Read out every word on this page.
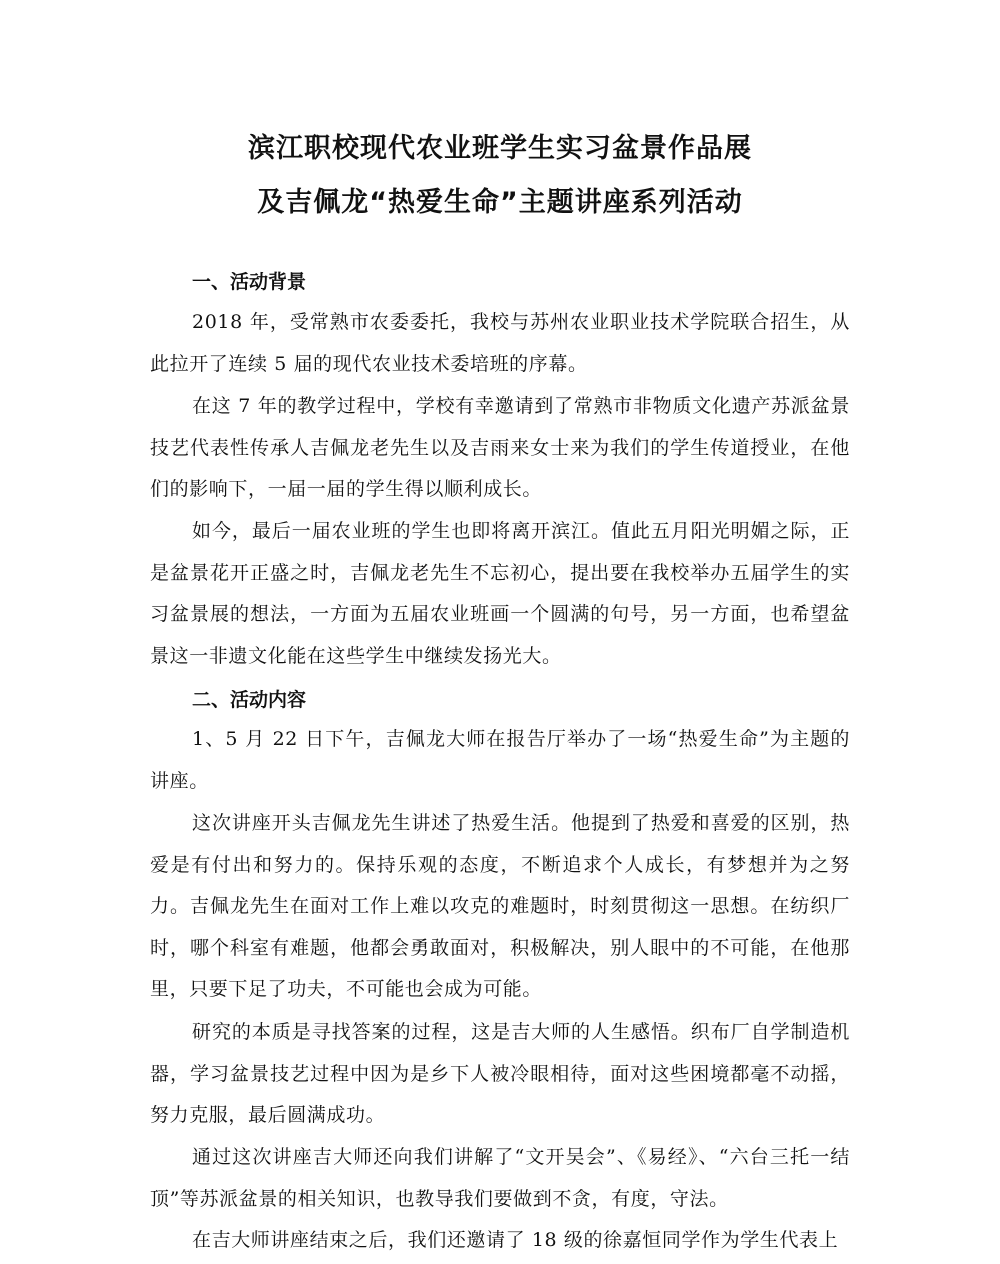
滨江职校现代农业班学生实习盆景作品展
及吉佩龙“热爱生命”主题讲座系列活动
一、活动背景

2018 年，受常熟市农委委托，我校与苏州农业职业技术学院联合招生，从此拉开了连续 5 届的现代农业技术委培班的序幕。

在这 7 年的教学过程中，学校有幸邀请到了常熟市非物质文化遗产苏派盆景技艺代表性传承人吉佩龙老先生以及吉雨来女士来为我们的学生传道授业，在他们的影响下，一届一届的学生得以顺利成长。

如今，最后一届农业班的学生也即将离开滨江。值此五月阳光明媚之际，正是盆景花开正盛之时，吉佩龙老先生不忘初心，提出要在我校举办五届学生的实习盆景展的想法，一方面为五届农业班画一个圆满的句号，另一方面，也希望盆景这一非遗文化能在这些学生中继续发扬光大。

二、活动内容

1、5 月 22 日下午，吉佩龙大师在报告厅举办了一场“热爱生命”为主题的讲座。

这次讲座开头吉佩龙先生讲述了热爱生活。他提到了热爱和喜爱的区别，热爱是有付出和努力的。保持乐观的态度，不断追求个人成长，有梦想并为之努力。吉佩龙先生在面对工作上难以攻克的难题时，时刻贯彻这一思想。在纺织厂时，哪个科室有难题，他都会勇敢面对，积极解决，别人眼中的不可能，在他那里，只要下足了功夫，不可能也会成为可能。

研究的本质是寻找答案的过程，这是吉大师的人生感悟。织布厂自学制造机器，学习盆景技艺过程中因为是乡下人被冷眼相待，面对这些困境都毫不动摇，努力克服，最后圆满成功。

通过这次讲座吉大师还向我们讲解了“文开吴会”、《易经》、“六台三托一结顶”等苏派盆景的相关知识，也教导我们要做到不贪，有度，守法。

在吉大师讲座结束之后，我们还邀请了 18 级的徐嘉恒同学作为学生代表上
